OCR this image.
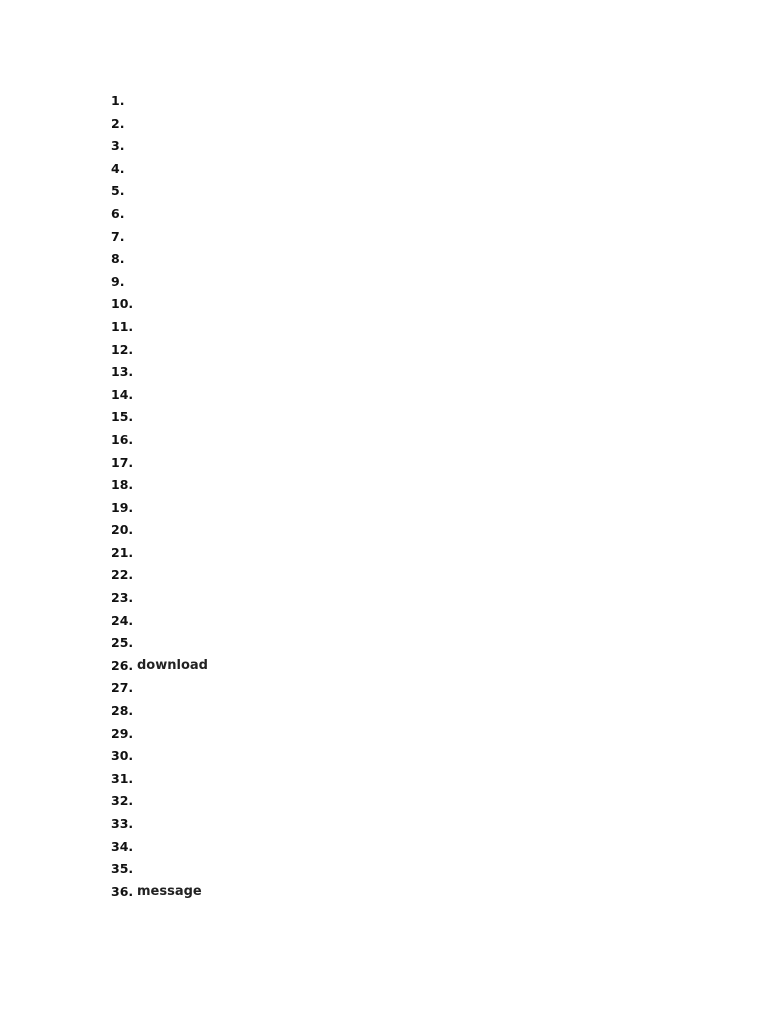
1.
2.
3.
4.
5.
6.
7.
8.
9.
10.
11.
12.
13.
14.
15.
16.
17.
18.
19.
20.
21.
22.
23.
24.
25.
26. download
27.
28.
29.
30.
31.
32.
33.
34.
35.
36. message
